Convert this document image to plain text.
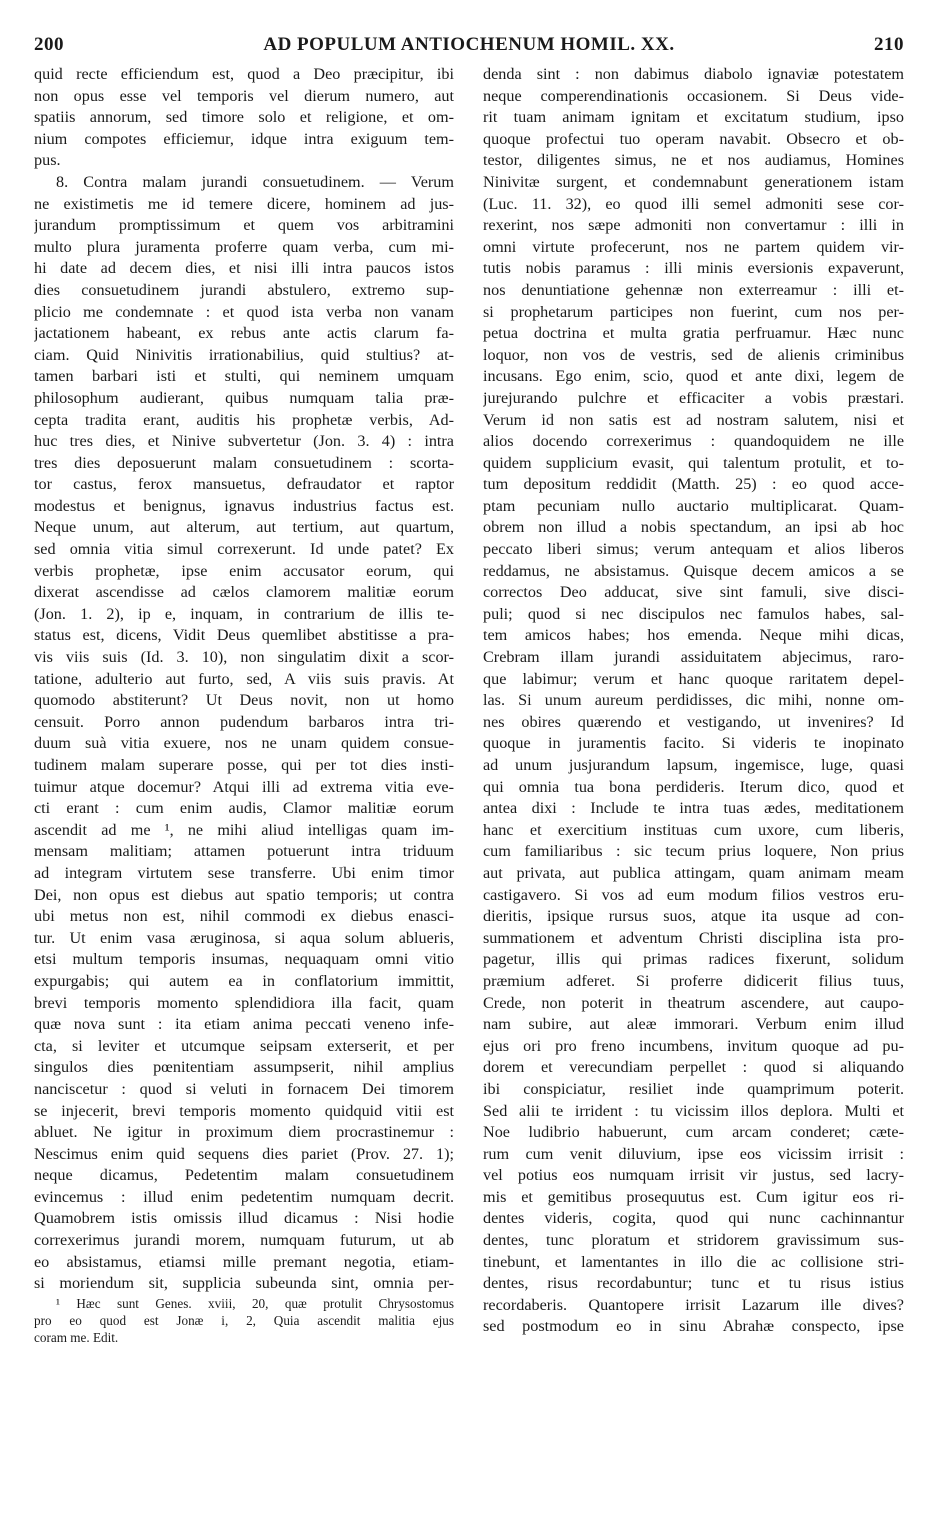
200	AD POPULUM ANTIOCHENUM HOMIL. XX.	210
quid recte efficiendum est, quod a Deo præcipitur, ibi
non opus esse vel temporis vel dierum numero, aut
spatiis annorum, sed timore solo et religione, et om-
nium compotes efficiemur, idque intra exiguum tem-
pus.
8. Contra malam jurandi consuetudinem. — Verum
ne existimetis me id temere dicere, hominem ad jus-
jurandum promptissimum et quem vos arbitramini
multo plura juramenta proferre quam verba, cum mi-
hi date ad decem dies, et nisi illi intra paucos istos
dies consuetudinem jurandi abstulero, extremo sup-
plicio me condemnate : et quod ista verba non vanam
jactationem habeant, ex rebus ante actis clarum fa-
ciam. Quid Ninivitis irrationabilius, quid stultius? at-
tamen barbari isti et stulti, qui neminem umquam
philosophum audierant, quibus numquam talia præ-
cepta tradita erant, auditis his prophetæ verbis, Ad-
huc tres dies, et Ninive subvertetur (Jon. 3. 4) : intra
tres dies deposuerunt malam consuetudinem : scorta-
tor castus, ferox mansuetus, defraudator et raptor
modestus et benignus, ignavus industrius factus est.
Neque unum, aut alterum, aut tertium, aut quartum,
sed omnia vitia simul correxerunt. Id unde patet? Ex
verbis prophetæ, ipse enim accusator eorum, qui
dixerat ascendisse ad cælos clamorem malitiæ eorum
(Jon. 1. 2), ip e, inquam, in contrarium de illis te-
status est, dicens, Vidit Deus quemlibet abstitisse a pra-
vis viis suis (Id. 3. 10), non singulatim dixit a scor-
tatione, adulterio aut furto, sed, A viis suis pravis. At
quomodo abstiterunt? Ut Deus novit, non ut homo
censuit. Porro annon pudendum barbaros intra tri-
duum suà vitia exuere, nos ne unam quidem consue-
tudinem malam superare posse, qui per tot dies insti-
tuimur atque docemur? Atqui illi ad extrema vitia eve-
cti erant : cum enim audis, Clamor malitiæ eorum
ascendit ad me ¹, ne mihi aliud intelligas quam im-
mensam malitiam; attamen potuerunt intra triduum
ad integram virtutem sese transferre. Ubi enim timor
Dei, non opus est diebus aut spatio temporis; ut contra
ubi metus non est, nihil commodi ex diebus enasci-
tur. Ut enim vasa æruginosa, si aqua solum ablueris,
etsi multum temporis insumas, nequaquam omni vitio
expurgabis; qui autem ea in conflatorium immittit,
brevi temporis momento splendidiora illa facit, quam
quæ nova sunt : ita etiam anima peccati veneno infe-
cta, si leviter et utcumque seipsam exterserit, et per
singulos dies pœnitentiam assumpserit, nihil amplius
nanciscetur : quod si veluti in fornacem Dei timorem
se injecerit, brevi temporis momento quidquid vitii est
abluet. Ne igitur in proximum diem procrastinemur :
Nescimus enim quid sequens dies pariet (Prov. 27. 1);
neque dicamus, Pedetentim malam consuetudinem
evincemus : illud enim pedetentim numquam decrit.
Quamobrem istis omissis illud dicamus : Nisi hodie
correxerimus jurandi morem, numquam futurum, ut ab
eo absistamus, etiamsi mille premant negotia, etiam-
si moriendum sit, supplicia subeunda sint, omnia per-
¹ Hæc sunt Genes. xviii, 20, quæ protulit Chrysostomus
pro eo quod est Jonæ i, 2, Quia ascendit malitia ejus
coram me. Edit.
denda sint : non dabimus diabolo ignaviæ potestatem
neque comperendinationis occasionem. Si Deus vide-
rit tuam animam ignitam et excitatum studium, ipso
quoque profectui tuo operam navabit. Obsecro et ob-
testor, diligentes simus, ne et nos audiamus, Homines
Ninivitæ surgent, et condemnabunt generationem istam
(Luc. 11. 32), eo quod illi semel admoniti sese cor-
rexerint, nos sæpe admoniti non convertamur : illi in
omni virtute profecerunt, nos ne partem quidem vir-
tutis nobis paramus : illi minis eversionis expaverunt,
nos denuntiatione gehennæ non exterreamur : illi et-
si prophetarum participes non fuerint, cum nos per-
petua doctrina et multa gratia perfruamur. Hæc nunc
loquor, non vos de vestris, sed de alienis criminibus
incusans. Ego enim, scio, quod et ante dixi, legem de
jurejurando pulchre et efficaciter a vobis præstari.
Verum id non satis est ad nostram salutem, nisi et
alios docendo correxerimus : quandoquidem ne ille
quidem supplicium evasit, qui talentum protulit, et to-
tum depositum reddidit (Matth. 25) : eo quod acce-
ptam pecuniam nullo auctario multiplicarat. Quam-
obrem non illud a nobis spectandum, an ipsi ab hoc
peccato liberi simus; verum antequam et alios liberos
reddamus, ne absistamus. Quisque decem amicos a se
correctos Deo adducat, sive sint famuli, sive disci-
puli; quod si nec discipulos nec famulos habes, sal-
tem amicos habes; hos emenda. Neque mihi dicas,
Crebram illam jurandi assiduitatem abjecimus, raro-
que labimur; verum et hanc quoque raritatem depel-
las. Si unum aureum perdidisses, dic mihi, nonne om-
nes obires quærendo et vestigando, ut invenires? Id
quoque in juramentis facito. Si videris te inopinato
ad unum jusjurandum lapsum, ingemisce, luge, quasi
qui omnia tua bona perdideris. Iterum dico, quod et
antea dixi : Include te intra tuas ædes, meditationem
hanc et exercitium instituas cum uxore, cum liberis,
cum familiaribus : sic tecum prius loquere, Non prius
aut privata, aut publica attingam, quam animam meam
castigavero. Si vos ad eum modum filios vestros eru-
dieritis, ipsique rursus suos, atque ita usque ad con-
summationem et adventum Christi disciplina ista pro-
pagetur, illis qui primas radices fixerunt, solidum
præmium adferet. Si proferre didicerit filius tuus,
Crede, non poterit in theatrum ascendere, aut caupo-
nam subire, aut aleæ immorari. Verbum enim illud
ejus ori pro freno incumbens, invitum quoque ad pu-
dorem et verecundiam perpellet : quod si aliquando
ibi conspiciatur, resiliet inde quamprimum poterit.
Sed alii te irrident : tu vicissim illos deplora. Multi et
Noe ludibrio habuerunt, cum arcam conderet; cæte-
rum cum venit diluvium, ipse eos vicissim irrisit :
vel potius eos numquam irrisit vir justus, sed lacry-
mis et gemitibus prosequutus est. Cum igitur eos ri-
dentes videris, cogita, quod qui nunc cachinnantur
dentes, tunc ploratum et stridorem gravissimum sus-
tinebunt, et lamentantes in illo die ac collisione stri-
dentes, risus recordabuntur; tunc et tu risus istius
recordaberis. Quantopere irrisit Lazarum ille dives?
sed postmodum eo in sinu Abrahæ conspecto, ipse
